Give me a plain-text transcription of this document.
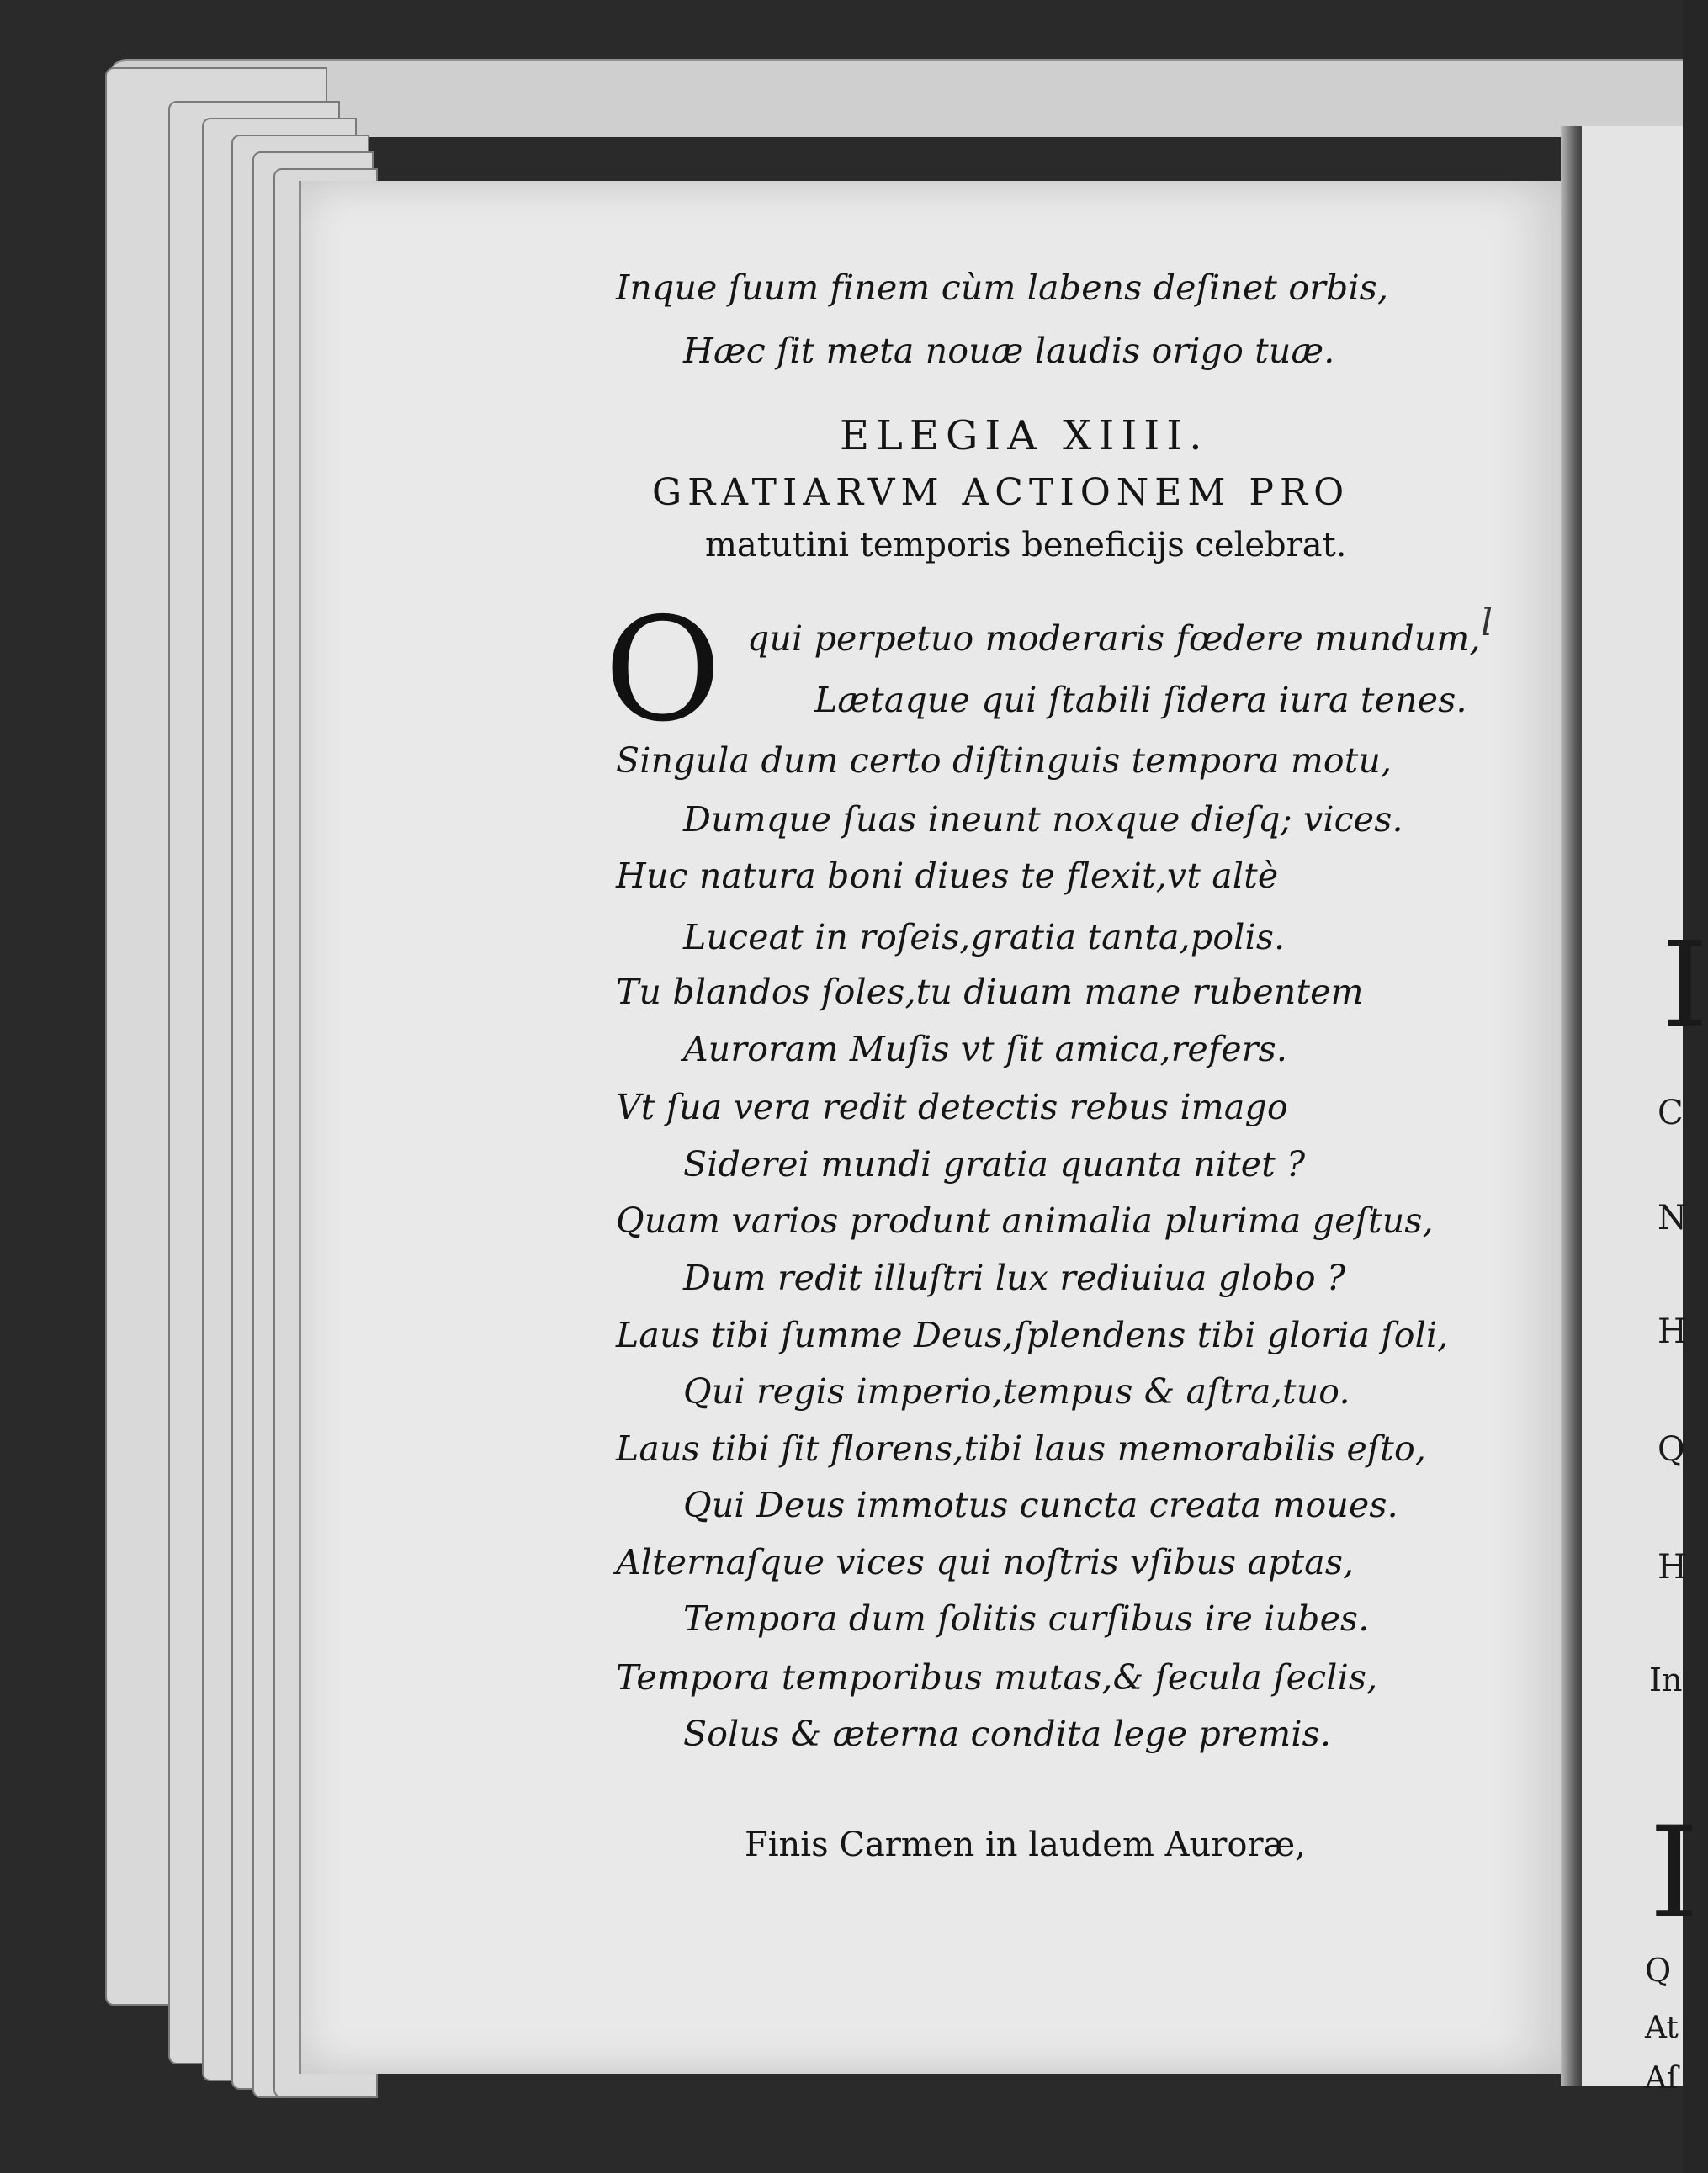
I
C
N
H
Q
H
In
I
Q
At
Aſ
Inque ſuum finem cùm labens deſinet orbis,
Hæc ſit meta nouæ laudis origo tuæ.
ELEGIA XIIII.
GRATIARVM ACTIONEM PRO
matutini temporis beneficijs celebrat.
O	l
qui perpetuo moderaris fœdere mundum,
Lætaque qui ſtabili ſidera iura tenes.
Singula dum certo diſtinguis tempora motu,
Dumque ſuas ineunt noxque dieſq; vices.
Huc natura boni diues te flexit,vt altè
Luceat in roſeis,gratia tanta,polis.
Tu blandos ſoles,tu diuam mane rubentem
Auroram Muſis vt ſit amica,refers.
Vt ſua vera redit detectis rebus imago
Siderei mundi gratia quanta nitet ?
Quam varios produnt animalia plurima geſtus,
Dum redit illuſtri lux rediuiua globo ?
Laus tibi ſumme Deus,ſplendens tibi gloria ſoli,
Qui regis imperio,tempus & aſtra,tuo.
Laus tibi ſit florens,tibi laus memorabilis eſto,
Qui Deus immotus cuncta creata moues.
Alternaſque vices qui noſtris vſibus aptas,
Tempora dum ſolitis curſibus ire iubes.
Tempora temporibus mutas,& ſecula ſeclis,
Solus & æterna condita lege premis.
Finis Carmen in laudem Auroræ,
